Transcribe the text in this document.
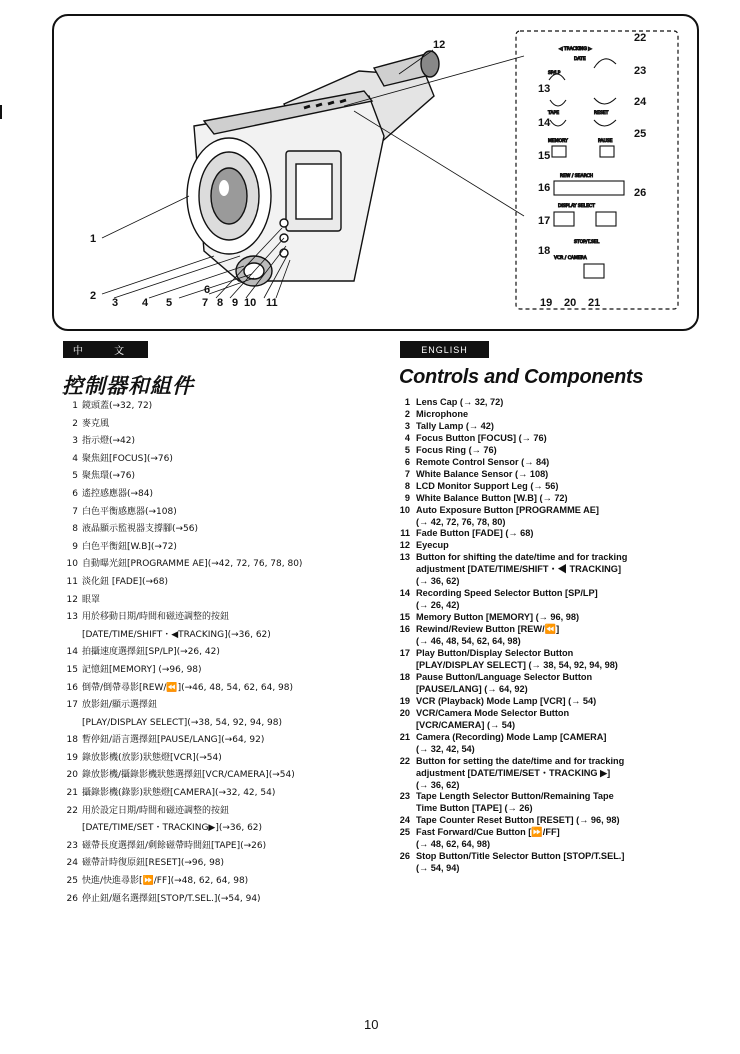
◀ TRACKING ▶
DATE
SP/LP
TAPE	RESET
MEMORY	PAUSE
REW / SEARCH
DISPLAY SELECT
STOP/T.SEL
VCR / CAMERA
1
2
3 4 5
6
7 8 9 10 11
12
13
14
15
16
17
18
19 20 21
22
23
24
25
26
中 文	ENGLISH
控制器和組件	Controls and Components
1 鏡頭蓋(→32, 72)
2 麥克風
3 指示燈(→42)
4 聚焦鈕[FOCUS](→76)
5 聚焦環(→76)
6 遙控感應器(→84)
7 白色平衡感應器(→108)
8 液晶顯示監視器支撐腳(→56)
9 白色平衡鈕[W.B](→72)
10 自動曝光鈕[PROGRAMME AE](→42, 72, 76, 78, 80)
11 淡化鈕 [FADE](→68)
12 眼罩
13 用於移動日期/時間和磁迹調整的按鈕
[DATE/TIME/SHIFT・◀TRACKING](→36, 62)
14 拍攝速度選擇鈕[SP/LP](→26, 42)
15 記憶鈕[MEMORY] (→96, 98)
16 倒帶/倒帶尋影[REW/⏪](→46, 48, 54, 62, 64, 98)
17 放影鈕/顯示選擇鈕
[PLAY/DISPLAY SELECT](→38, 54, 92, 94, 98)
18 暫停鈕/語言選擇鈕[PAUSE/LANG](→64, 92)
19 錄放影機(放影)狀態燈[VCR](→54)
20 錄放影機/攝錄影機狀態選擇鈕[VCR/CAMERA](→54)
21 攝錄影機(錄影)狀態燈[CAMERA](→32, 42, 54)
22 用於設定日期/時間和磁迹調整的按鈕
[DATE/TIME/SET・TRACKING▶](→36, 62)
23 磁帶長度選擇鈕/剩餘磁帶時間鈕[TAPE](→26)
24 磁帶計時復原鈕[RESET](→96, 98)
25 快進/快進尋影[⏩/FF](→48, 62, 64, 98)
26 停止鈕/題名選擇鈕[STOP/T.SEL.](→54, 94)
1 Lens Cap (→ 32, 72)
2 Microphone
3 Tally Lamp (→ 42)
4 Focus Button [FOCUS] (→ 76)
5 Focus Ring (→ 76)
6 Remote Control Sensor (→ 84)
7 White Balance Sensor (→ 108)
8 LCD Monitor Support Leg (→ 56)
9 White Balance Button [W.B] (→ 72)
10 Auto Exposure Button [PROGRAMME AE]
(→ 42, 72, 76, 78, 80)
11 Fade Button [FADE] (→ 68)
12 Eyecup
13 Button for shifting the date/time and for tracking
adjustment [DATE/TIME/SHIFT・◀ TRACKING]
(→ 36, 62)
14 Recording Speed Selector Button [SP/LP]
(→ 26, 42)
15 Memory Button [MEMORY] (→ 96, 98)
16 Rewind/Review Button [REW/⏪]
(→ 46, 48, 54, 62, 64, 98)
17 Play Button/Display Selector Button
[PLAY/DISPLAY SELECT] (→ 38, 54, 92, 94, 98)
18 Pause Button/Language Selector Button
[PAUSE/LANG] (→ 64, 92)
19 VCR (Playback) Mode Lamp [VCR] (→ 54)
20 VCR/Camera Mode Selector Button
[VCR/CAMERA] (→ 54)
21 Camera (Recording) Mode Lamp [CAMERA]
(→ 32, 42, 54)
22 Button for setting the date/time and for tracking
adjustment [DATE/TIME/SET・TRACKING ▶]
(→ 36, 62)
23 Tape Length Selector Button/Remaining Tape
Time Button [TAPE] (→ 26)
24 Tape Counter Reset Button [RESET] (→ 96, 98)
25 Fast Forward/Cue Button [⏩/FF]
(→ 48, 62, 64, 98)
26 Stop Button/Title Selector Button [STOP/T.SEL.]
(→ 54, 94)
10
